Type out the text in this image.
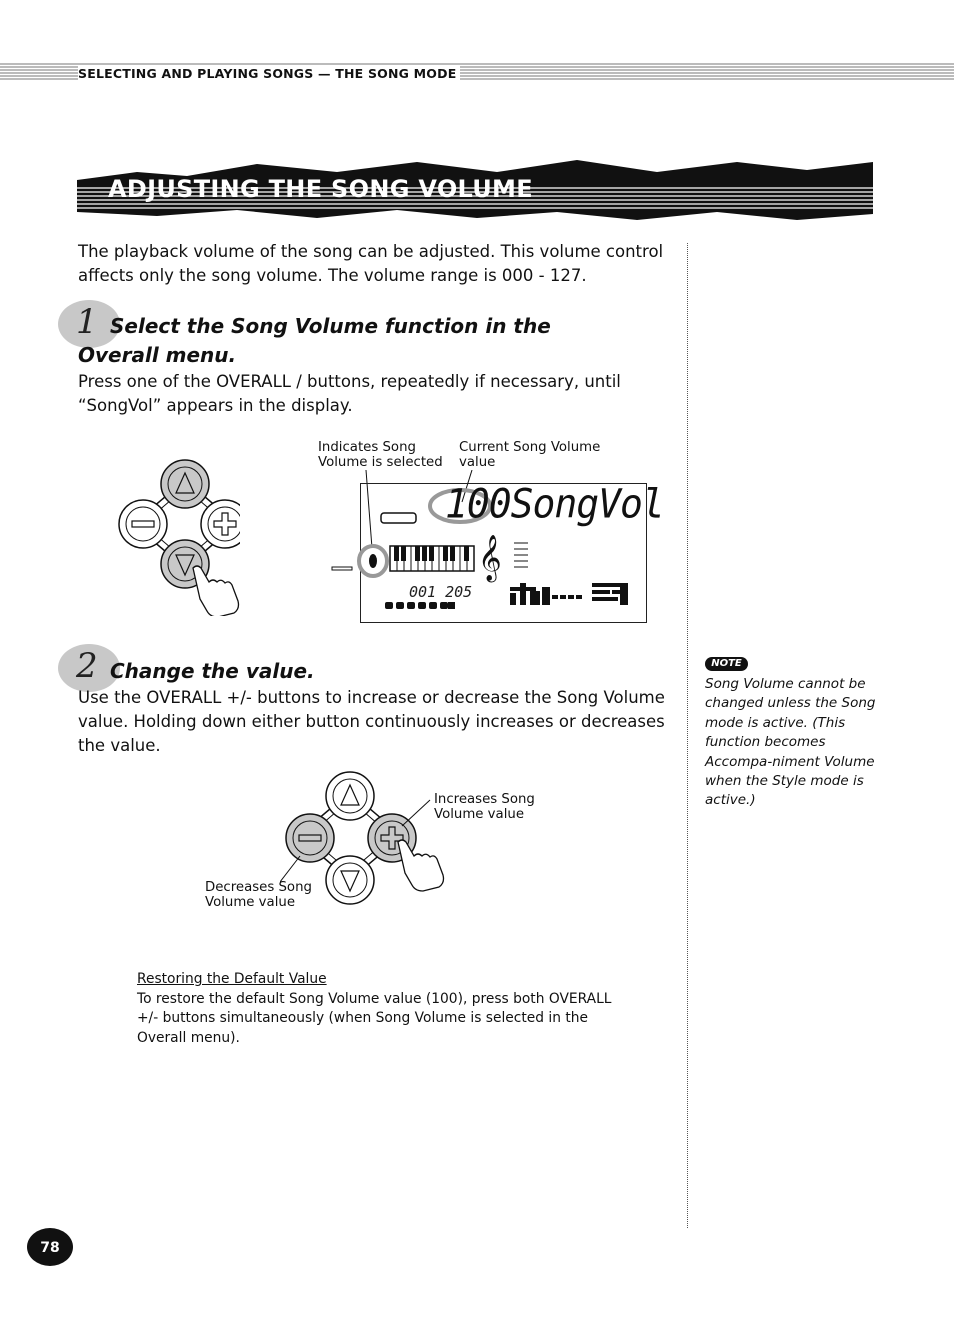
SELECTING AND PLAYING SONGS — THE SONG MODE
ADJUSTING THE SONG VOLUME
The playback volume of the song can be adjusted. This volume control affects only the song volume. The volume range is 000 - 127.
1 Select the Song Volume function in the Overall menu.
Press one of the OVERALL / buttons, repeatedly if necessary, until “SongVol” appears in the display.
Indicates Song Volume is selected
Current Song Volume value
𝄞
100SongVol
001 205
2 Change the value.
Use the OVERALL +/- buttons to increase or decrease the Song Volume value. Holding down either button continuously increases or decreases the value.
Increases Song Volume value
Decreases Song Volume value
Restoring the Default Value
To restore the default Song Volume value (100), press both OVERALL +/- buttons simultaneously (when Song Volume is selected in the Overall menu).
NOTE
Song Volume cannot be changed unless the Song mode is active. (This function becomes Accompa-niment Volume when the Style mode is active.)
78
